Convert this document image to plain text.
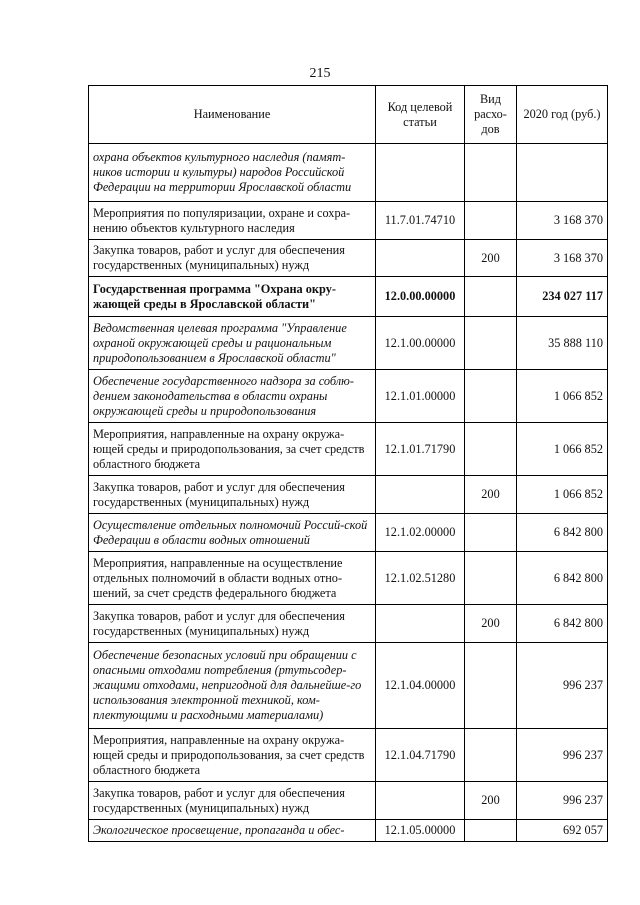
215
Наименование	Код целевой статьи	Вид расхо-дов	2020 год (руб.)
охрана объектов культурного наследия (памят-ников истории и культуры) народов Российской Федерации на территории Ярославской области			
Мероприятия по популяризации, охране и сохра-нению объектов культурного наследия	11.7.01.74710		3 168 370
Закупка товаров, работ и услуг для обеспечения государственных (муниципальных) нужд		200	3 168 370
Государственная программа "Охрана окру-жающей среды в Ярославской области"	12.0.00.00000		234 027 117
Ведомственная целевая программа "Управление охраной окружающей среды и рациональным природопользованием в Ярославской области"	12.1.00.00000		35 888 110
Обеспечение государственного надзора за соблю-дением законодательства в области охраны окружающей среды и природопользования	12.1.01.00000		1 066 852
Мероприятия, направленные на охрану окружа-ющей среды и природопользования, за счет средств областного бюджета	12.1.01.71790		1 066 852
Закупка товаров, работ и услуг для обеспечения государственных (муниципальных) нужд		200	1 066 852
Осуществление отдельных полномочий Россий-ской Федерации в области водных отношений	12.1.02.00000		6 842 800
Мероприятия, направленные на осуществление отдельных полномочий в области водных отно-шений, за счет средств федерального бюджета	12.1.02.51280		6 842 800
Закупка товаров, работ и услуг для обеспечения государственных (муниципальных) нужд		200	6 842 800
Обеспечение безопасных условий при обращении с опасными отходами потребления (ртутьсодер-жащими отходами, непригодной для дальнейше-го использования электронной техникой, ком-плектующими и расходными материалами)	12.1.04.00000		996 237
Мероприятия, направленные на охрану окружа-ющей среды и природопользования, за счет средств областного бюджета	12.1.04.71790		996 237
Закупка товаров, работ и услуг для обеспечения государственных (муниципальных) нужд		200	996 237
Экологическое просвещение, пропаганда и обес-	12.1.05.00000		692 057
